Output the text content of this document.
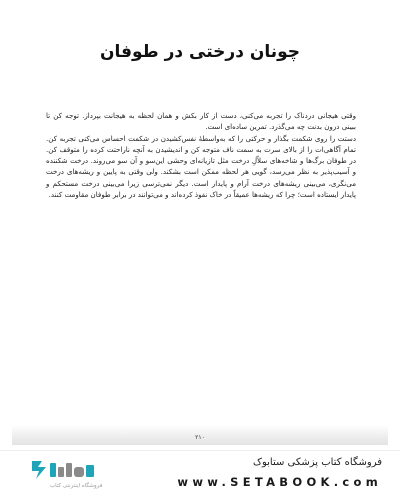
چونان درختی در طوفان

وقتی هیجانی دردناک را تجربه می‌کنی، دست از کار بکش و همان لحظه به هیجانت بپرداز. توجه کن تا ببینی درون بدنت چه می‌گذرد. تمرین ساده‌ای است.

دستت را روی شکمت بگذار و حرکتی را که به‌واسطهٔ نفس‌کشیدن در شکمت احساس می‌کنی تجربه کن. تمام آگاهی‌ات را از بالای سرت به سمت ناف متوجه کن و اندیشیدن به آنچه ناراحتت کرده را متوقف کن. در طوفان برگ‌ها و شاخه‌های سلاّلِ درخت مثل تازیانه‌ای وحشی این‌سو و آن سو می‌روند. درخت شکننده و آسیب‌پذیر به نظر می‌رسد، گویی هر لحظه ممکن است بشکند. ولی وقتی به پایین و ریشه‌های درخت می‌نگری، می‌بینی ریشه‌های درخت آرام و پایدار است. دیگر نمی‌ترسی زیرا می‌بینی درخت مستحکم و پایدار ایستاده است؛ چرا که ریشه‌ها عمیقاً در خاک نفوذ کرده‌اند و می‌توانند در برابر طوفان مقاومت کنند.

۲۱۰
فروشگاه اینترنتی کتاب
فروشگاه کتاب پزشکی ستابوک
www.SETABOOK.com
